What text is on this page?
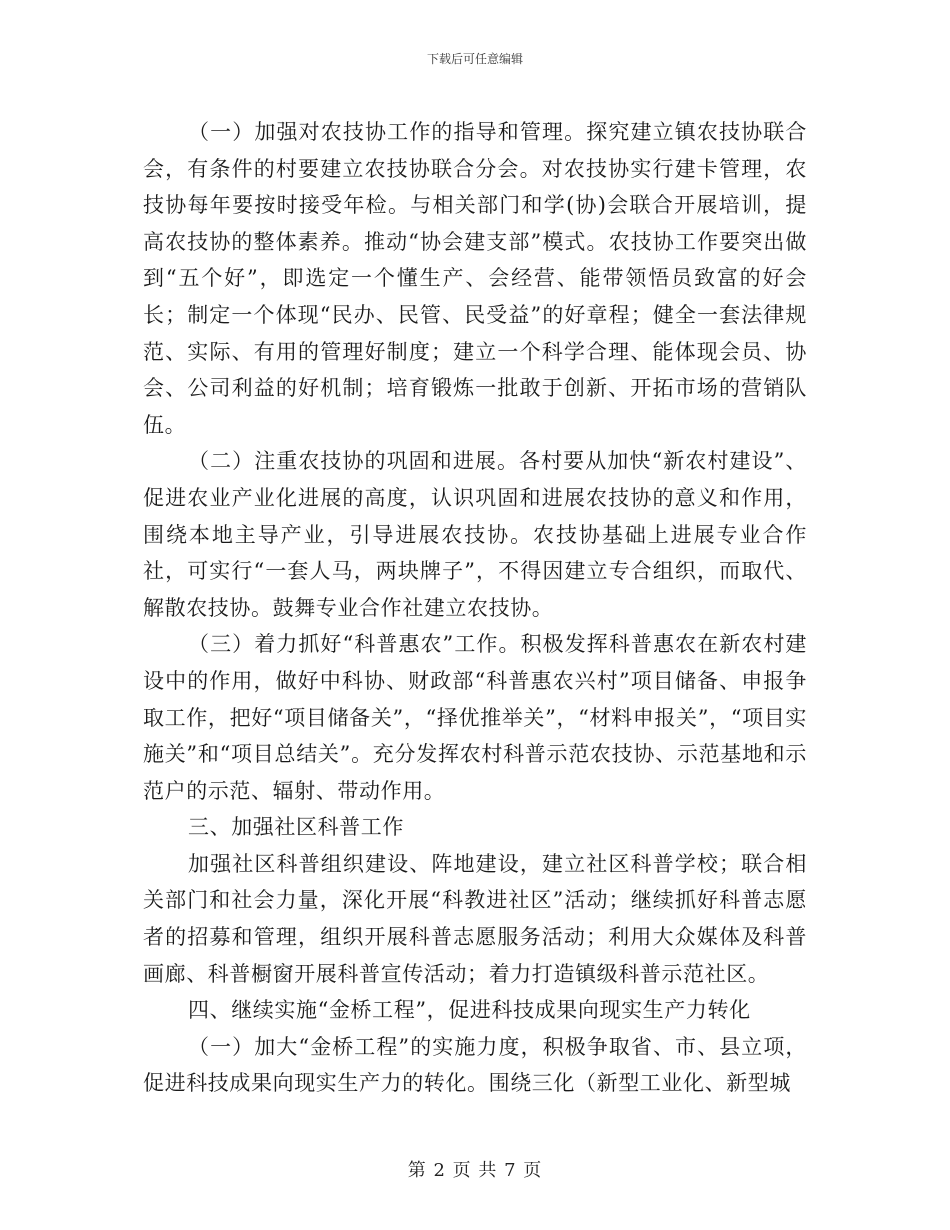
下载后可任意编辑

（一）加强对农技协工作的指导和管理。探究建立镇农技协联合会，有条件的村要建立农技协联合分会。对农技协实行建卡管理，农技协每年要按时接受年检。与相关部门和学(协)会联合开展培训，提高农技协的整体素养。推动“协会建支部”模式。农技协工作要突出做到“五个好”，即选定一个懂生产、会经营、能带领悟员致富的好会长；制定一个体现“民办、民管、民受益”的好章程；健全一套法律规范、实际、有用的管理好制度；建立一个科学合理、能体现会员、协会、公司利益的好机制；培育锻炼一批敢于创新、开拓市场的营销队伍。

（二）注重农技协的巩固和进展。各村要从加快“新农村建设”、促进农业产业化进展的高度，认识巩固和进展农技协的意义和作用，围绕本地主导产业，引导进展农技协。农技协基础上进展专业合作社，可实行“一套人马，两块牌子”，不得因建立专合组织，而取代、解散农技协。鼓舞专业合作社建立农技协。

（三）着力抓好“科普惠农”工作。积极发挥科普惠农在新农村建设中的作用，做好中科协、财政部“科普惠农兴村”项目储备、申报争取工作，把好“项目储备关”，“择优推举关”，“材料申报关”，“项目实施关”和“项目总结关”。充分发挥农村科普示范农技协、示范基地和示范户的示范、辐射、带动作用。

三、加强社区科普工作

加强社区科普组织建设、阵地建设，建立社区科普学校；联合相关部门和社会力量，深化开展“科教进社区”活动；继续抓好科普志愿者的招募和管理，组织开展科普志愿服务活动；利用大众媒体及科普画廊、科普橱窗开展科普宣传活动；着力打造镇级科普示范社区。

四、继续实施“金桥工程”，促进科技成果向现实生产力转化

（一）加大“金桥工程”的实施力度，积极争取省、市、县立项，促进科技成果向现实生产力的转化。围绕三化（新型工业化、新型城

第 2 页 共 7 页
